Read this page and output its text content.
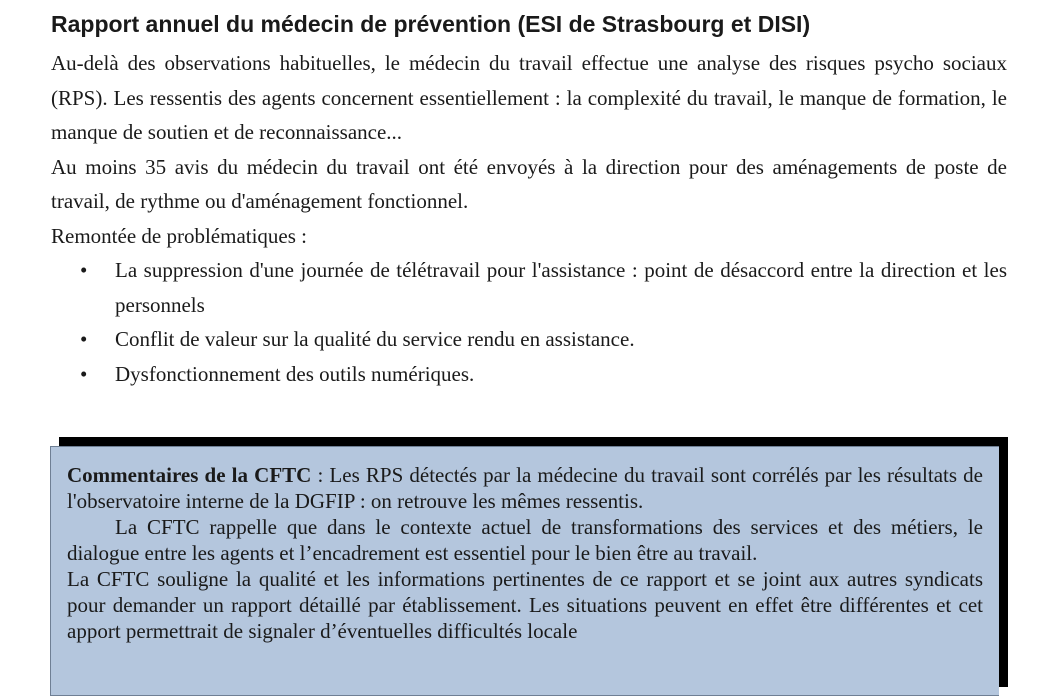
Rapport annuel du médecin de prévention (ESI de Strasbourg et DISI)

Au-delà des observations habituelles, le médecin du travail effectue une analyse des risques psycho sociaux (RPS). Les ressentis des agents concernent essentiellement : la complexité du travail, le manque de formation, le manque de soutien et de reconnaissance...

Au moins 35 avis du médecin du travail ont été envoyés à la direction pour des aménagements de poste de travail, de rythme ou d'aménagement fonctionnel.

Remontée de problématiques :

• La suppression d'une journée de télétravail pour l'assistance : point de désaccord entre la direction et les personnels
• Conflit de valeur sur la qualité du service rendu en assistance.
• Dysfonctionnement des outils numériques.

Commentaires de la CFTC : Les RPS détectés par la médecine du travail sont corrélés par les résultats de l'observatoire interne de la DGFIP : on retrouve les mêmes ressentis.

La CFTC rappelle que dans le contexte actuel de transformations des services et des métiers, le dialogue entre les agents et l’encadrement est essentiel pour le bien être au travail.

La CFTC souligne la qualité et les informations pertinentes de ce rapport et se joint aux autres syndicats pour demander un rapport détaillé par établissement. Les situations peuvent en effet être différentes et cet apport permettrait de signaler d’éventuelles difficultés locale
